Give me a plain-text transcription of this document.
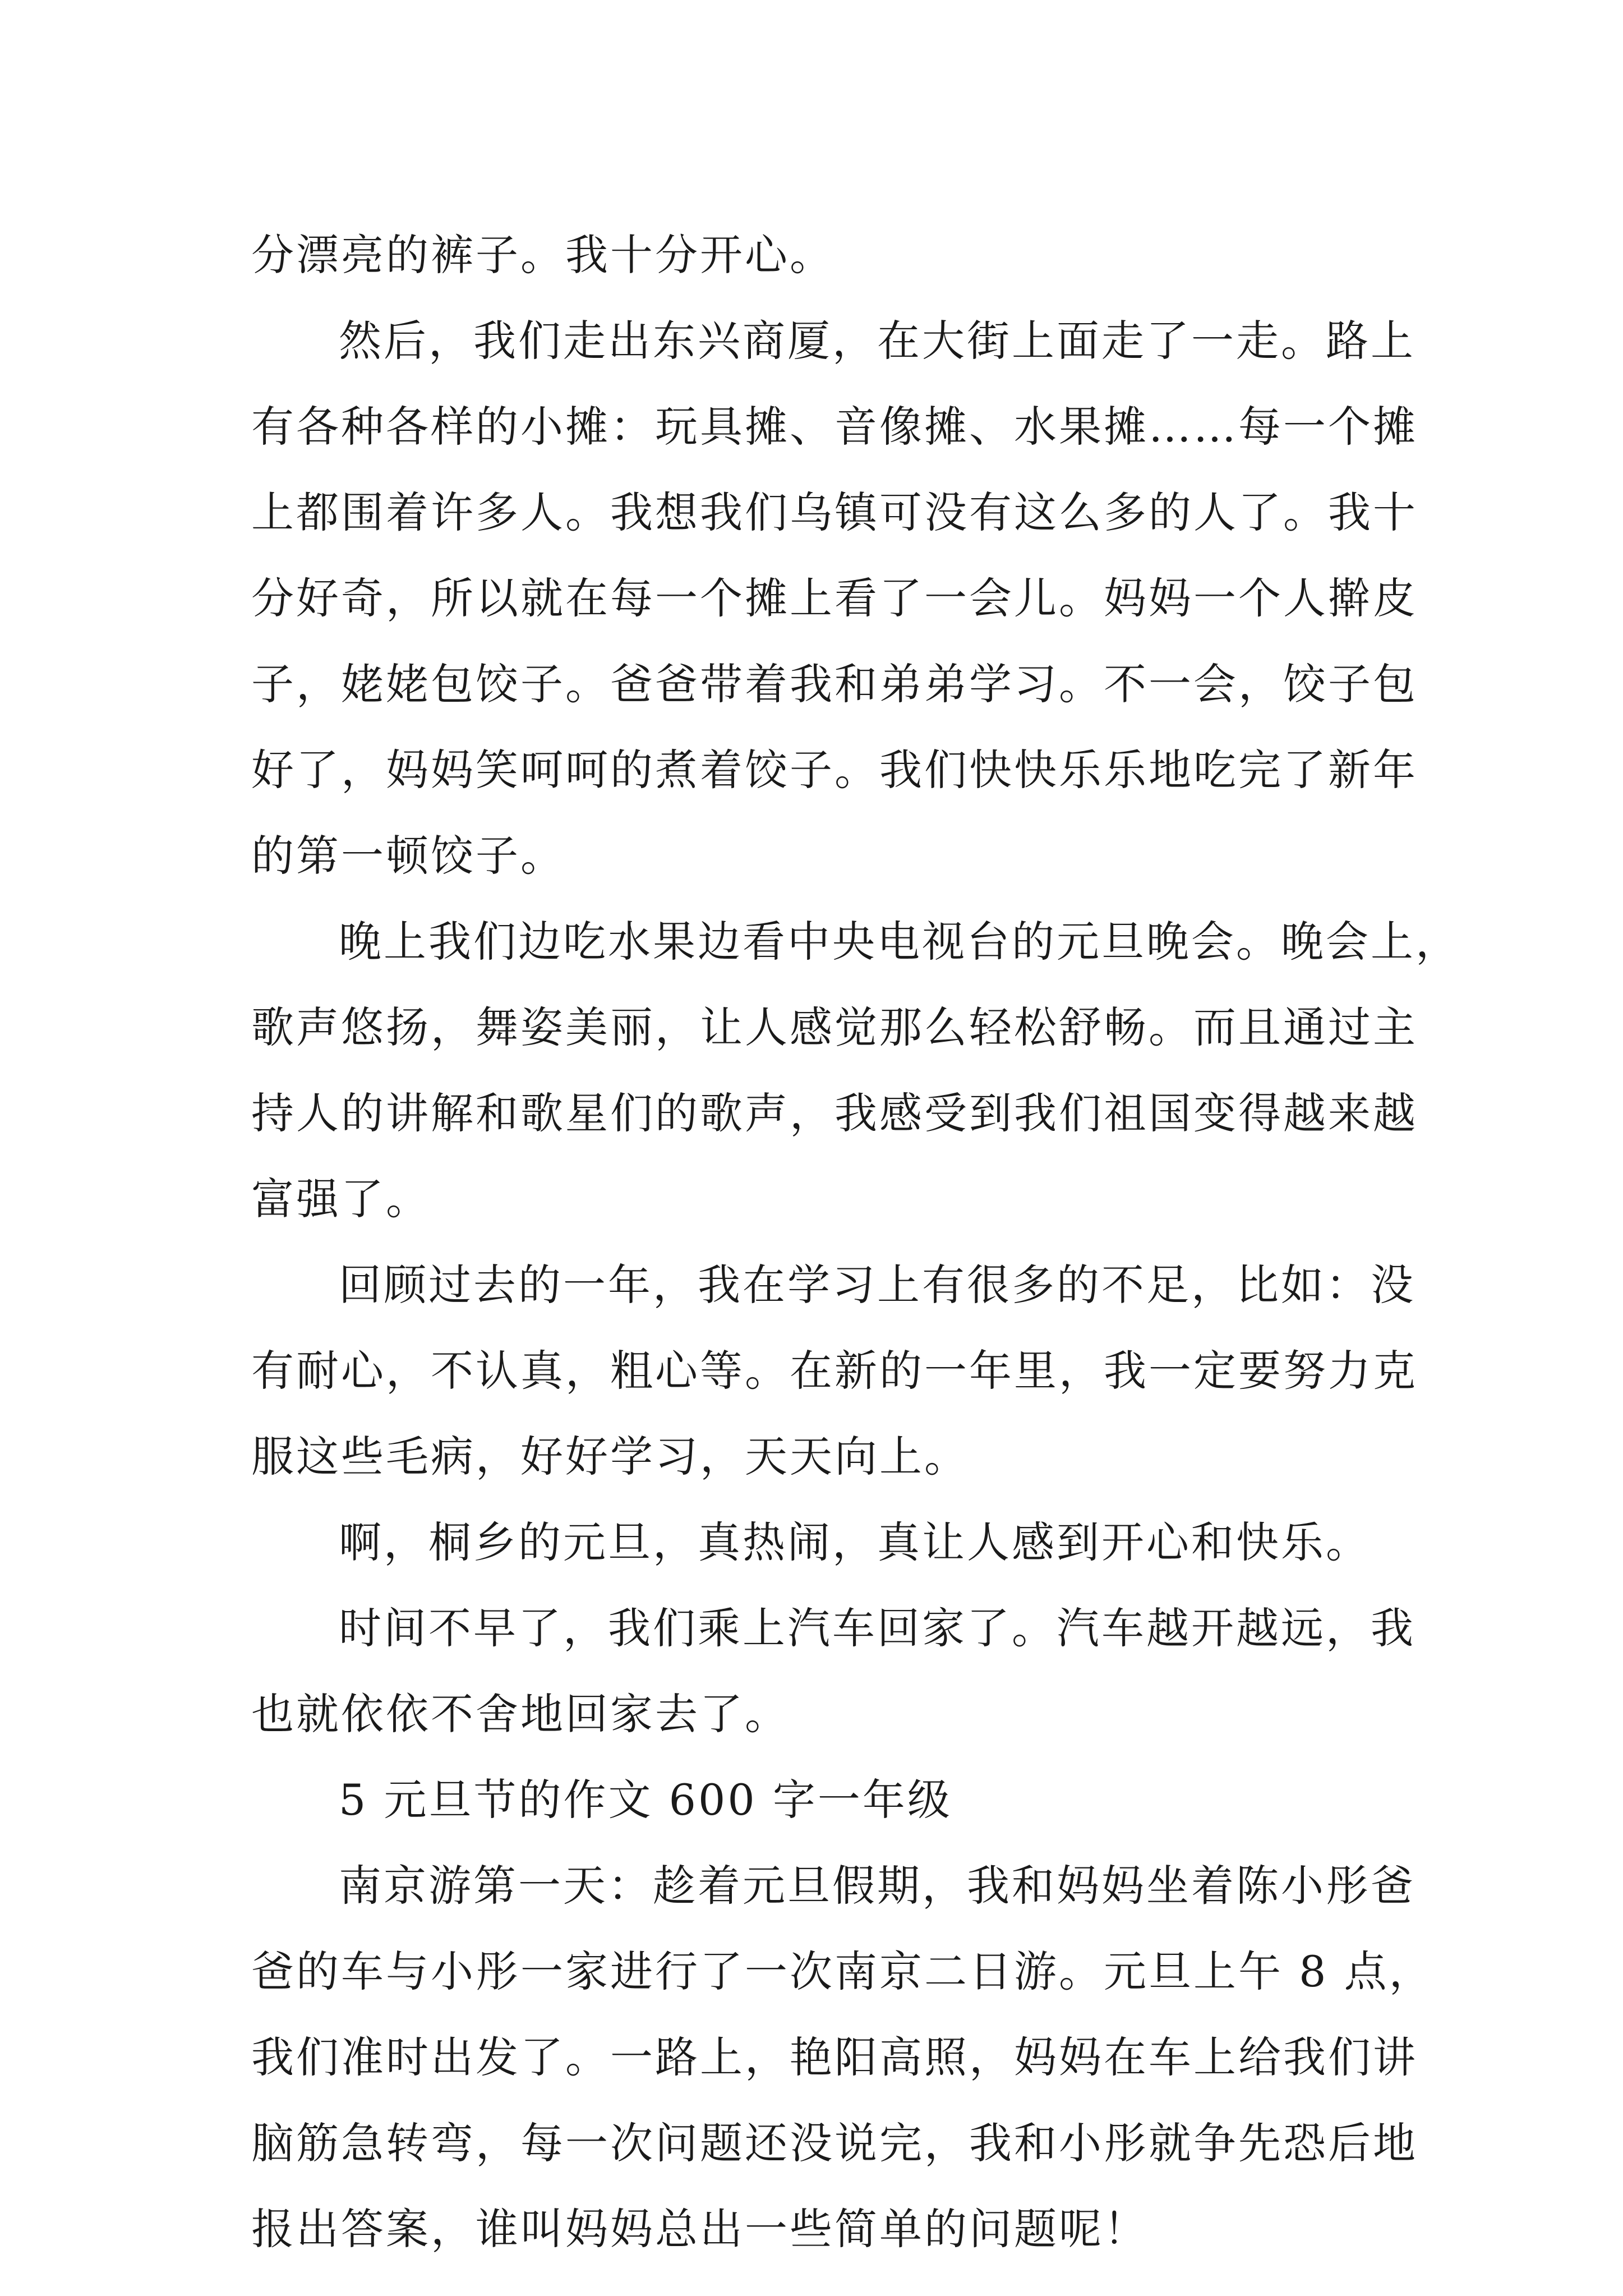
分漂亮的裤子。我十分开心。
然后，我们走出东兴商厦，在大街上面走了一走。路上
有各种各样的小摊：玩具摊、音像摊、水果摊……每一个摊
上都围着许多人。我想我们乌镇可没有这么多的人了。我十
分好奇，所以就在每一个摊上看了一会儿。妈妈一个人擀皮
子，姥姥包饺子。爸爸带着我和弟弟学习。不一会，饺子包
好了，妈妈笑呵呵的煮着饺子。我们快快乐乐地吃完了新年
的第一顿饺子。
晚上我们边吃水果边看中央电视台的元旦晚会。晚会上，
歌声悠扬，舞姿美丽，让人感觉那么轻松舒畅。而且通过主
持人的讲解和歌星们的歌声，我感受到我们祖国变得越来越
富强了。
回顾过去的一年，我在学习上有很多的不足，比如：没
有耐心，不认真，粗心等。在新的一年里，我一定要努力克
服这些毛病，好好学习，天天向上。
啊，桐乡的元旦，真热闹，真让人感到开心和快乐。
时间不早了，我们乘上汽车回家了。汽车越开越远，我
也就依依不舍地回家去了。
5 元旦节的作文 600 字一年级
南京游第一天：趁着元旦假期，我和妈妈坐着陈小彤爸
爸的车与小彤一家进行了一次南京二日游。元旦上午 8 点，
我们准时出发了。一路上，艳阳高照，妈妈在车上给我们讲
脑筋急转弯，每一次问题还没说完，我和小彤就争先恐后地
报出答案，谁叫妈妈总出一些简单的问题呢！
